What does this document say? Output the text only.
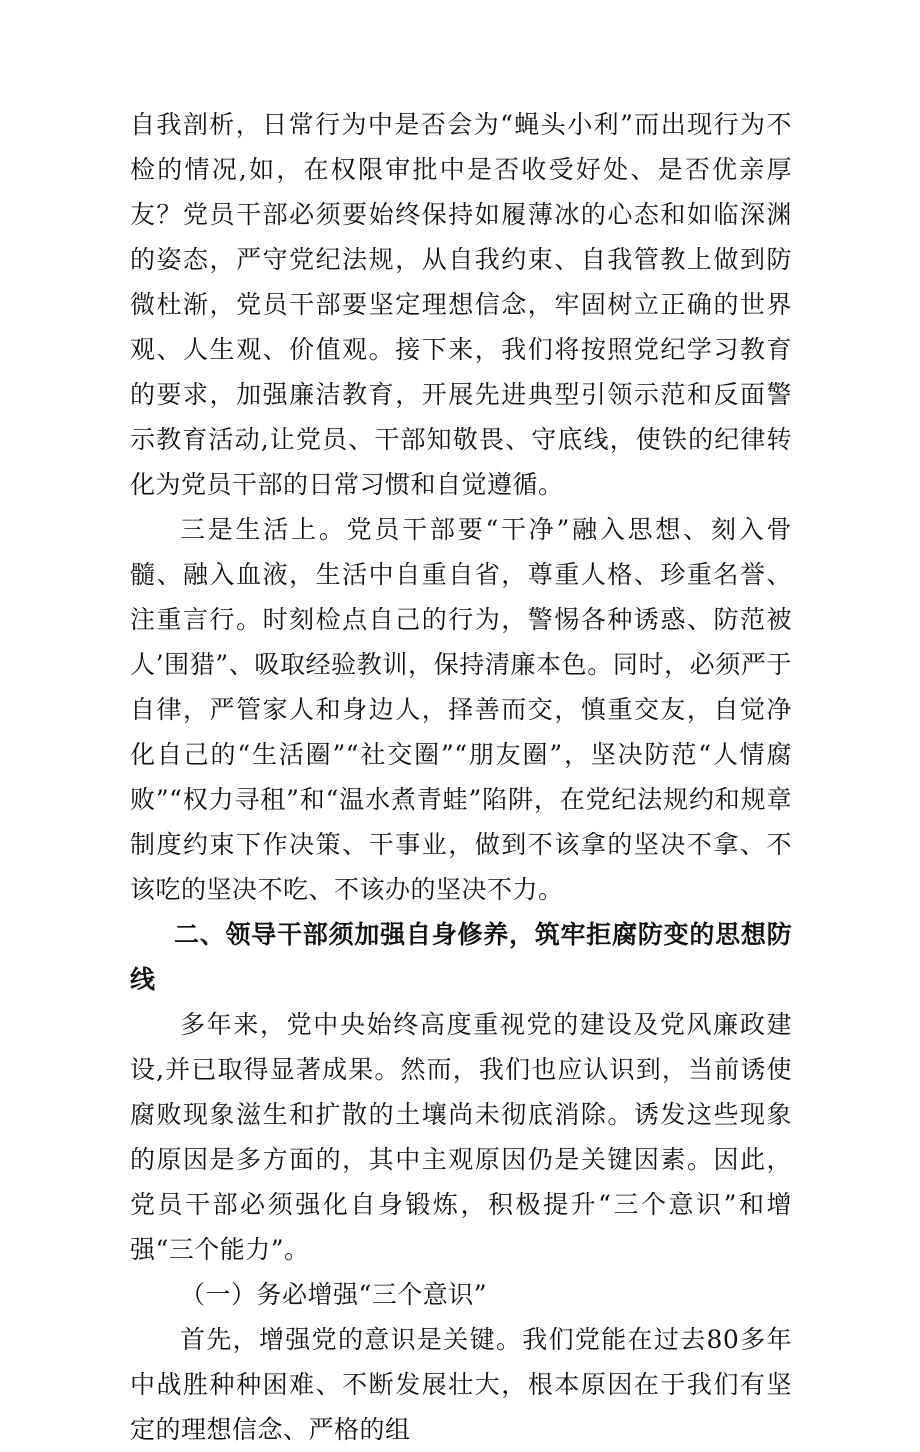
自我剖析，日常行为中是否会为“蝇头小利”而出现行为不检的情况,如，在权限审批中是否收受好处、是否优亲厚友？党员干部必须要始终保持如履薄冰的心态和如临深渊的姿态，严守党纪法规，从自我约束、自我管教上做到防微杜渐，党员干部要坚定理想信念，牢固树立正确的世界观、人生观、价值观。接下来，我们将按照党纪学习教育的要求，加强廉洁教育，开展先进典型引领示范和反面警示教育活动,让党员、干部知敬畏、守底线，使铁的纪律转化为党员干部的日常习惯和自觉遵循。

三是生活上。党员干部要“干净”融入思想、刻入骨髓、融入血液，生活中自重自省，尊重人格、珍重名誉、注重言行。时刻检点自己的行为，警惕各种诱惑、防范被人’围猎”、吸取经验教训，保持清廉本色。同时，必须严于自律，严管家人和身边人，择善而交，慎重交友，自觉净化自己的“生活圈”“社交圈”“朋友圈”，坚决防范“人情腐败”“权力寻租”和“温水煮青蛙”陷阱，在党纪法规约和规章制度约束下作决策、干事业，做到不该拿的坚决不拿、不该吃的坚决不吃、不该办的坚决不力。

二、领导干部须加强自身修养，筑牢拒腐防变的思想防线

多年来，党中央始终高度重视党的建设及党风廉政建设,并已取得显著成果。然而，我们也应认识到，当前诱使腐败现象滋生和扩散的土壤尚未彻底消除。诱发这些现象的原因是多方面的，其中主观原因仍是关键因素。因此，党员干部必须强化自身锻炼，积极提升“三个意识”和增强“三个能力”。

（一）务必增强“三个意识”

首先，增强党的意识是关键。我们党能在过去80多年中战胜种种困难、不断发展壮大，根本原因在于我们有坚定的理想信念、严格的组
